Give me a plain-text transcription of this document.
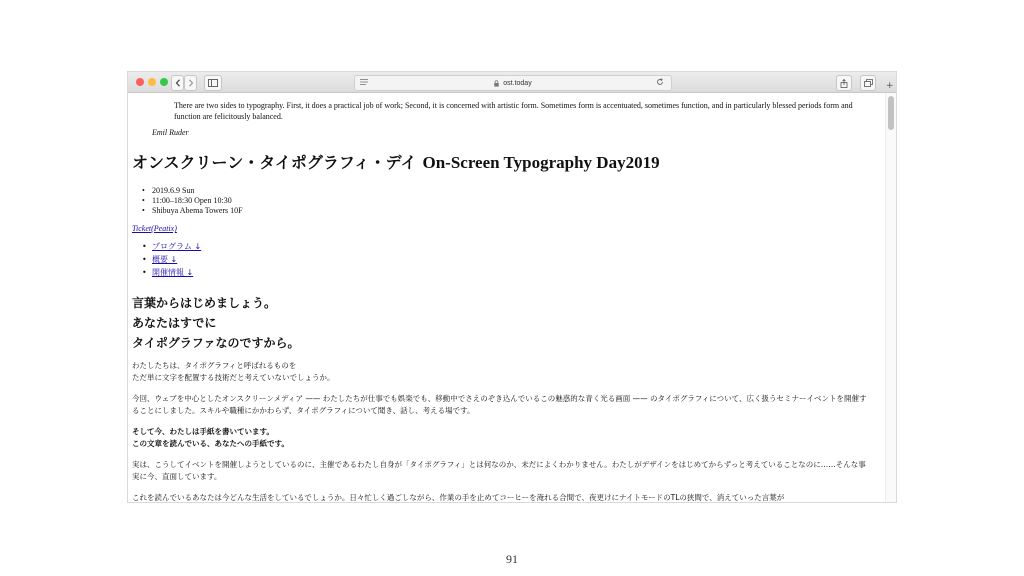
ost.today	+

There are two sides to typography. First, it does a practical job of work; Second, it is concerned with artistic form. Sometimes form is accentuated, sometimes function, and in particularly blessed periods form and function are felicitously balanced.

Emil Ruder

オンスクリーン・タイポグラフィ・デイ On-Screen Typography Day2019
• 2019.6.9 Sun
• 11:00–18:30 Open 10:30
• Shibuya Abema Towers 10F
Ticket(Peatix)
• プログラム ↓
• 概要 ↓
• 開催情報 ↓
言葉からはじめましょう。
あなたはすでに
タイポグラファなのですから。

わたしたちは、タイポグラフィと呼ばれるものを
ただ単に文字を配置する技術だと考えていないでしょうか。

今回、ウェブを中心としたオンスクリーンメディア —— わたしたちが仕事でも娯楽でも、移動中でさえのぞき込んでいるこの魅惑的な青く光る画面 —— のタイポグラフィについて、広く扱うセミナーイベントを開催することにしました。スキルや職種にかかわらず、タイポグラフィについて聞き、話し、考える場です。

そして今、わたしは手紙を書いています。
この文章を読んでいる、あなたへの手紙です。

実は、こうしてイベントを開催しようとしているのに、主催であるわたし自身が「タイポグラフィ」とは何なのか、未だによくわかりません。わたしがデザインをはじめてからずっと考えていることなのに……そんな事実に今、直面しています。

これを読んでいるあなたは今どんな生活をしているでしょうか。日々忙しく過ごしながら、作業の手を止めてコーヒーを淹れる合間で、夜更けにナイトモードのTLの狭間で、消えていった言葉が

91
